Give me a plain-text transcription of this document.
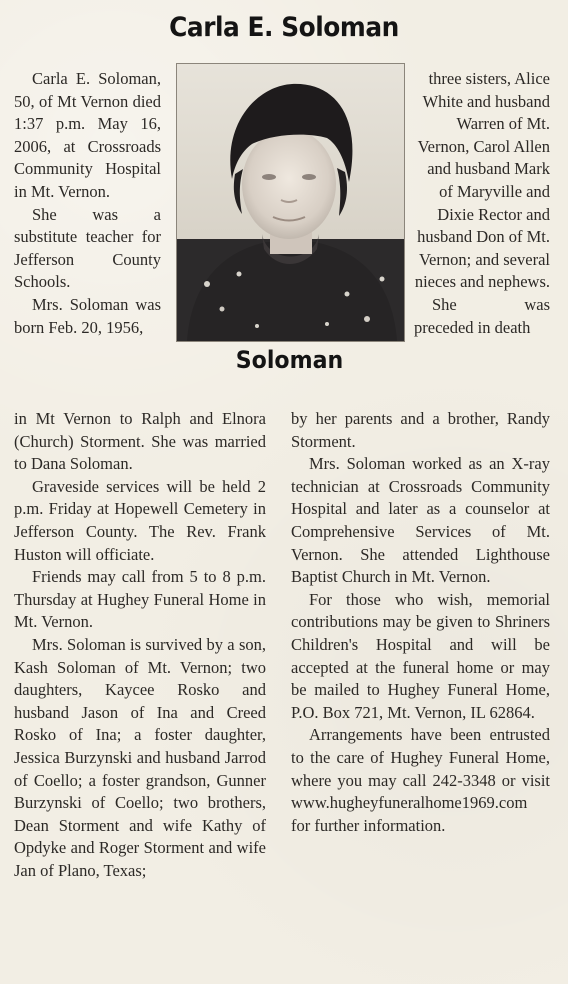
Carla E. Soloman
Soloman

Carla E. Soloman, 50, of Mt Vernon died 1:37 p.m. May 16, 2006, at Crossroads Community Hospital in Mt. Vernon.

She was a substitute teacher for Jefferson County Schools.

Mrs. Soloman was born Feb. 20, 1956,

three sisters, Alice White and husband Warren of Mt. Vernon, Carol Allen and husband Mark of Maryville and Dixie Rector and husband Don of Mt. Vernon; and several nieces and nephews.

She was preceded in death

in Mt Vernon to Ralph and Elnora (Church) Storment. She was married to Dana Soloman.

Graveside services will be held 2 p.m. Friday at Hopewell Cemetery in Jefferson County. The Rev. Frank Huston will officiate.

Friends may call from 5 to 8 p.m. Thursday at Hughey Funeral Home in Mt. Vernon.

Mrs. Soloman is survived by a son, Kash Soloman of Mt. Vernon; two daughters, Kaycee Rosko and husband Jason of Ina and Creed Rosko of Ina; a foster daughter, Jessica Burzynski and husband Jarrod of Coello; a foster grandson, Gunner Burzynski of Coello; two brothers, Dean Storment and wife Kathy of Opdyke and Roger Storment and wife Jan of Plano, Texas;

by her parents and a brother, Randy Storment.

Mrs. Soloman worked as an X-ray technician at Crossroads Community Hospital and later as a counselor at Comprehensive Services of Mt. Vernon. She attended Lighthouse Baptist Church in Mt. Vernon.

For those who wish, memorial contributions may be given to Shriners Children's Hospital and will be accepted at the funeral home or may be mailed to Hughey Funeral Home, P.O. Box 721, Mt. Vernon, IL 62864.

Arrangements have been entrusted to the care of Hughey Funeral Home, where you may call 242-3348 or visit www.hugheyfuneralhome1969.com for further information.
